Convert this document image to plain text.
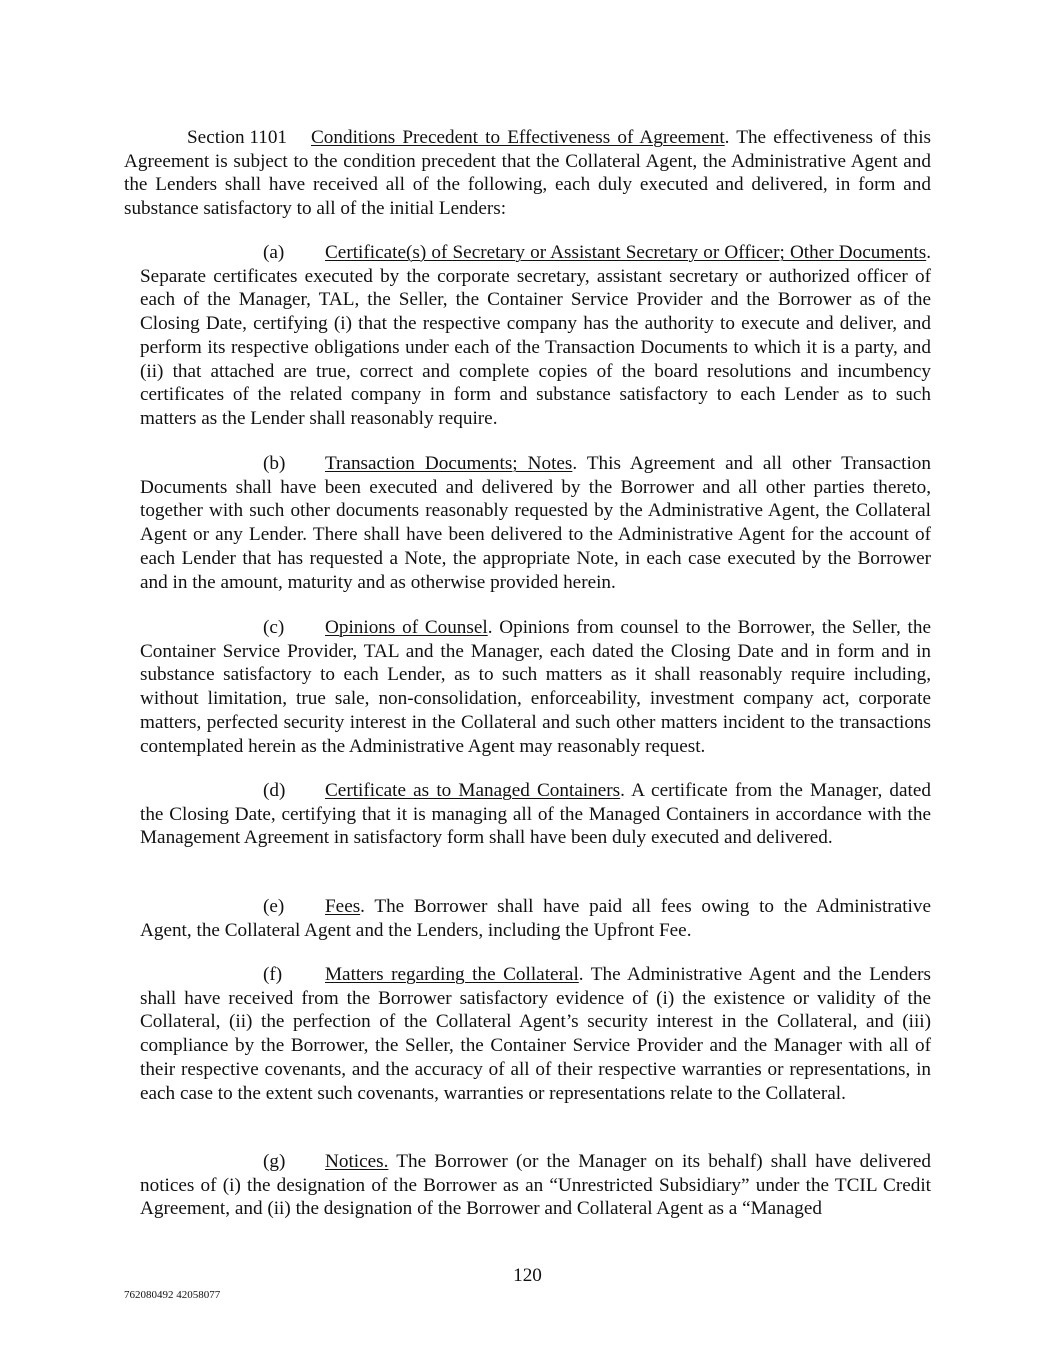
Section 1101 Conditions Precedent to Effectiveness of Agreement. The effectiveness of this Agreement is subject to the condition precedent that the Collateral Agent, the Administrative Agent and the Lenders shall have received all of the following, each duly executed and delivered, in form and substance satisfactory to all of the initial Lenders:

(a) Certificate(s) of Secretary or Assistant Secretary or Officer; Other Documents. Separate certificates executed by the corporate secretary, assistant secretary or authorized officer of each of the Manager, TAL, the Seller, the Container Service Provider and the Borrower as of the Closing Date, certifying (i) that the respective company has the authority to execute and deliver, and perform its respective obligations under each of the Transaction Documents to which it is a party, and (ii) that attached are true, correct and complete copies of the board resolutions and incumbency certificates of the related company in form and substance satisfactory to each Lender as to such matters as the Lender shall reasonably require.

(b) Transaction Documents; Notes. This Agreement and all other Transaction Documents shall have been executed and delivered by the Borrower and all other parties thereto, together with such other documents reasonably requested by the Administrative Agent, the Collateral Agent or any Lender. There shall have been delivered to the Administrative Agent for the account of each Lender that has requested a Note, the appropriate Note, in each case executed by the Borrower and in the amount, maturity and as otherwise provided herein.

(c) Opinions of Counsel. Opinions from counsel to the Borrower, the Seller, the Container Service Provider, TAL and the Manager, each dated the Closing Date and in form and in substance satisfactory to each Lender, as to such matters as it shall reasonably require including, without limitation, true sale, non-consolidation, enforceability, investment company act, corporate matters, perfected security interest in the Collateral and such other matters incident to the transactions contemplated herein as the Administrative Agent may reasonably request.

(d) Certificate as to Managed Containers. A certificate from the Manager, dated the Closing Date, certifying that it is managing all of the Managed Containers in accordance with the Management Agreement in satisfactory form shall have been duly executed and delivered.

(e) Fees. The Borrower shall have paid all fees owing to the Administrative Agent, the Collateral Agent and the Lenders, including the Upfront Fee.

(f) Matters regarding the Collateral. The Administrative Agent and the Lenders shall have received from the Borrower satisfactory evidence of (i) the existence or validity of the Collateral, (ii) the perfection of the Collateral Agent’s security interest in the Collateral, and (iii) compliance by the Borrower, the Seller, the Container Service Provider and the Manager with all of their respective covenants, and the accuracy of all of their respective warranties or representations, in each case to the extent such covenants, warranties or representations relate to the Collateral.

(g) Notices. The Borrower (or the Manager on its behalf) shall have delivered notices of (i) the designation of the Borrower as an “Unrestricted Subsidiary” under the TCIL Credit Agreement, and (ii) the designation of the Borrower and Collateral Agent as a “Managed

120
762080492 42058077
